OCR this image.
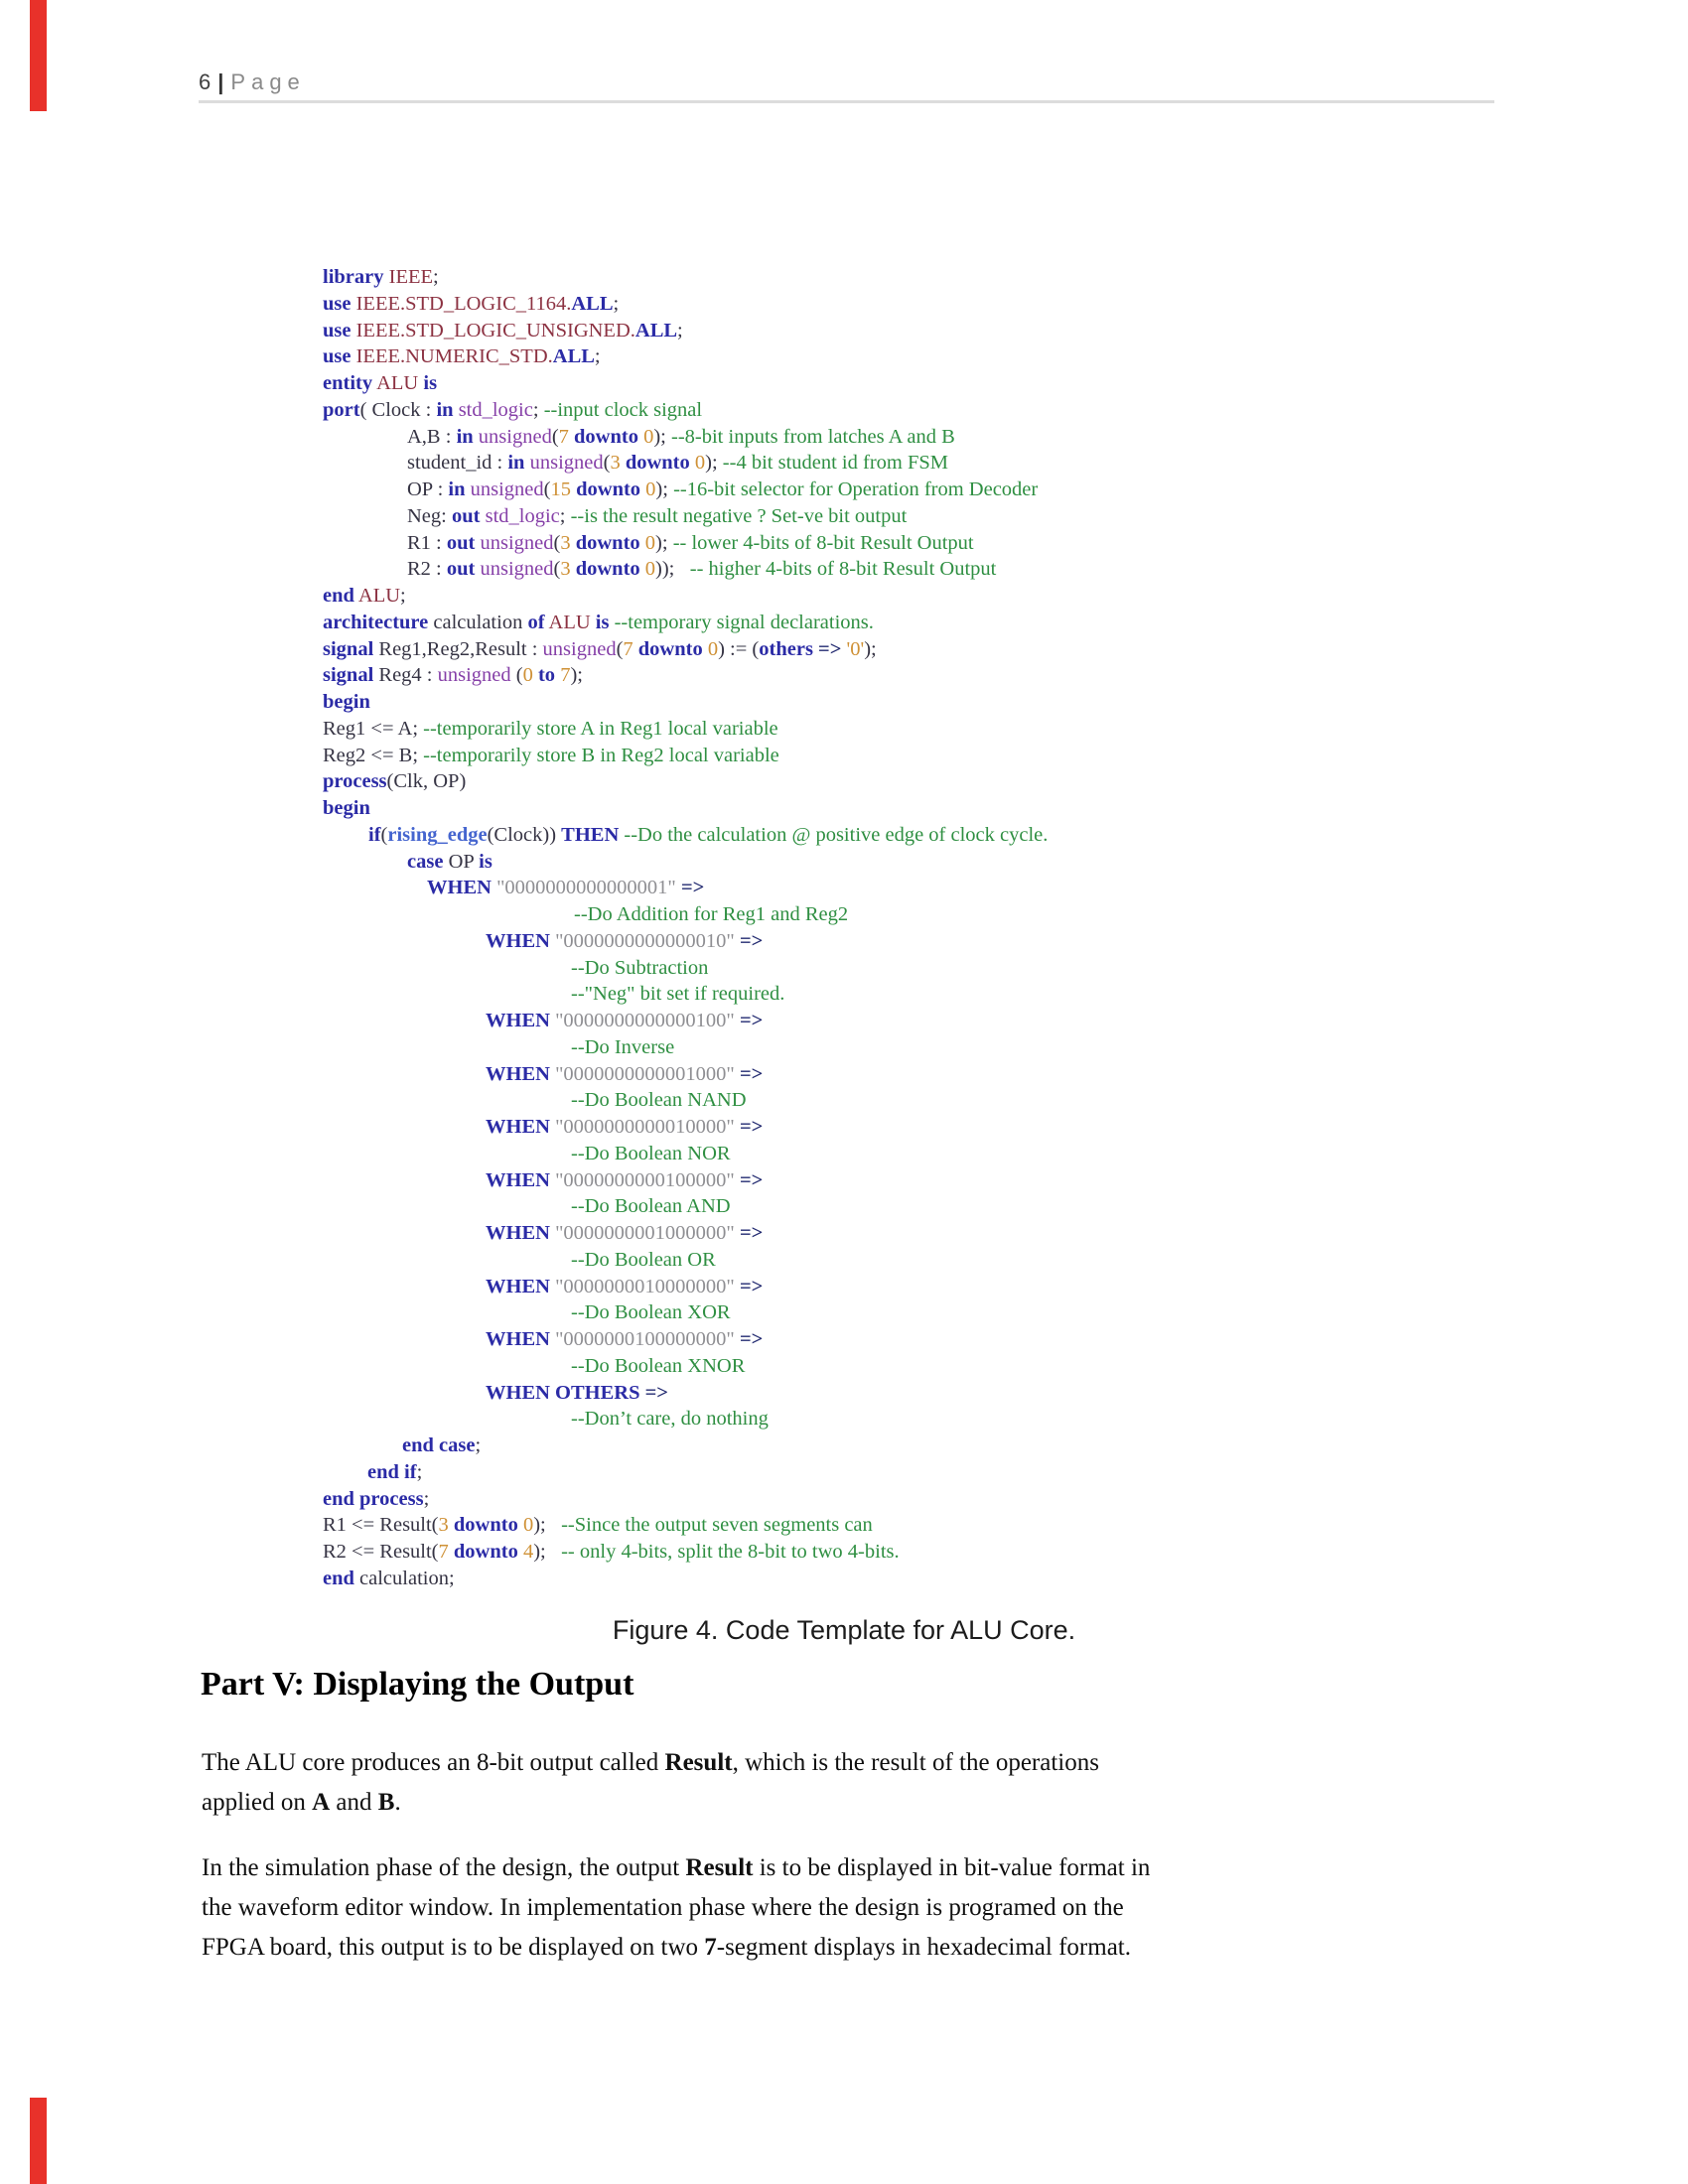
6 | Page
library IEEE;
use IEEE.STD_LOGIC_1164.ALL;
use IEEE.STD_LOGIC_UNSIGNED.ALL;
use IEEE.NUMERIC_STD.ALL;
entity ALU is
port( Clock : in std_logic; --input clock signal
A,B : in unsigned(7 downto 0); --8-bit inputs from latches A and B
student_id : in unsigned(3 downto 0); --4 bit student id from FSM
OP : in unsigned(15 downto 0); --16-bit selector for Operation from Decoder
Neg: out std_logic; --is the result negative ? Set-ve bit output
R1 : out unsigned(3 downto 0); -- lower 4-bits of 8-bit Result Output
R2 : out unsigned(3 downto 0));   -- higher 4-bits of 8-bit Result Output
end ALU;
architecture calculation of ALU is --temporary signal declarations.
signal Reg1,Reg2,Result : unsigned(7 downto 0) := (others => '0');
signal Reg4 : unsigned (0 to 7);
begin
Reg1 <= A; --temporarily store A in Reg1 local variable
Reg2 <= B; --temporarily store B in Reg2 local variable
process(Clk, OP)
begin
if(rising_edge(Clock)) THEN --Do the calculation @ positive edge of clock cycle.
case OP is
WHEN "0000000000000001" =>
--Do Addition for Reg1 and Reg2
WHEN "0000000000000010" =>
--Do Subtraction
--"Neg" bit set if required.
WHEN "0000000000000100" =>
--Do Inverse
WHEN "0000000000001000" =>
--Do Boolean NAND
WHEN "0000000000010000" =>
--Do Boolean NOR
WHEN "0000000000100000" =>
--Do Boolean AND
WHEN "0000000001000000" =>
--Do Boolean OR
WHEN "0000000010000000" =>
--Do Boolean XOR
WHEN "0000000100000000" =>
--Do Boolean XNOR
WHEN OTHERS =>
--Don’t care, do nothing
end case;
end if;
end process;
R1 <= Result(3 downto 0);   --Since the output seven segments can
R2 <= Result(7 downto 4);   -- only 4-bits, split the 8-bit to two 4-bits.
end calculation;
Figure 4. Code Template for ALU Core.
Part V: Displaying the Output
The ALU core produces an 8-bit output called Result, which is the result of the operations
applied on A and B.
In the simulation phase of the design, the output Result is to be displayed in bit-value format in
the waveform editor window. In implementation phase where the design is programed on the
FPGA board, this output is to be displayed on two 7-segment displays in hexadecimal format.
